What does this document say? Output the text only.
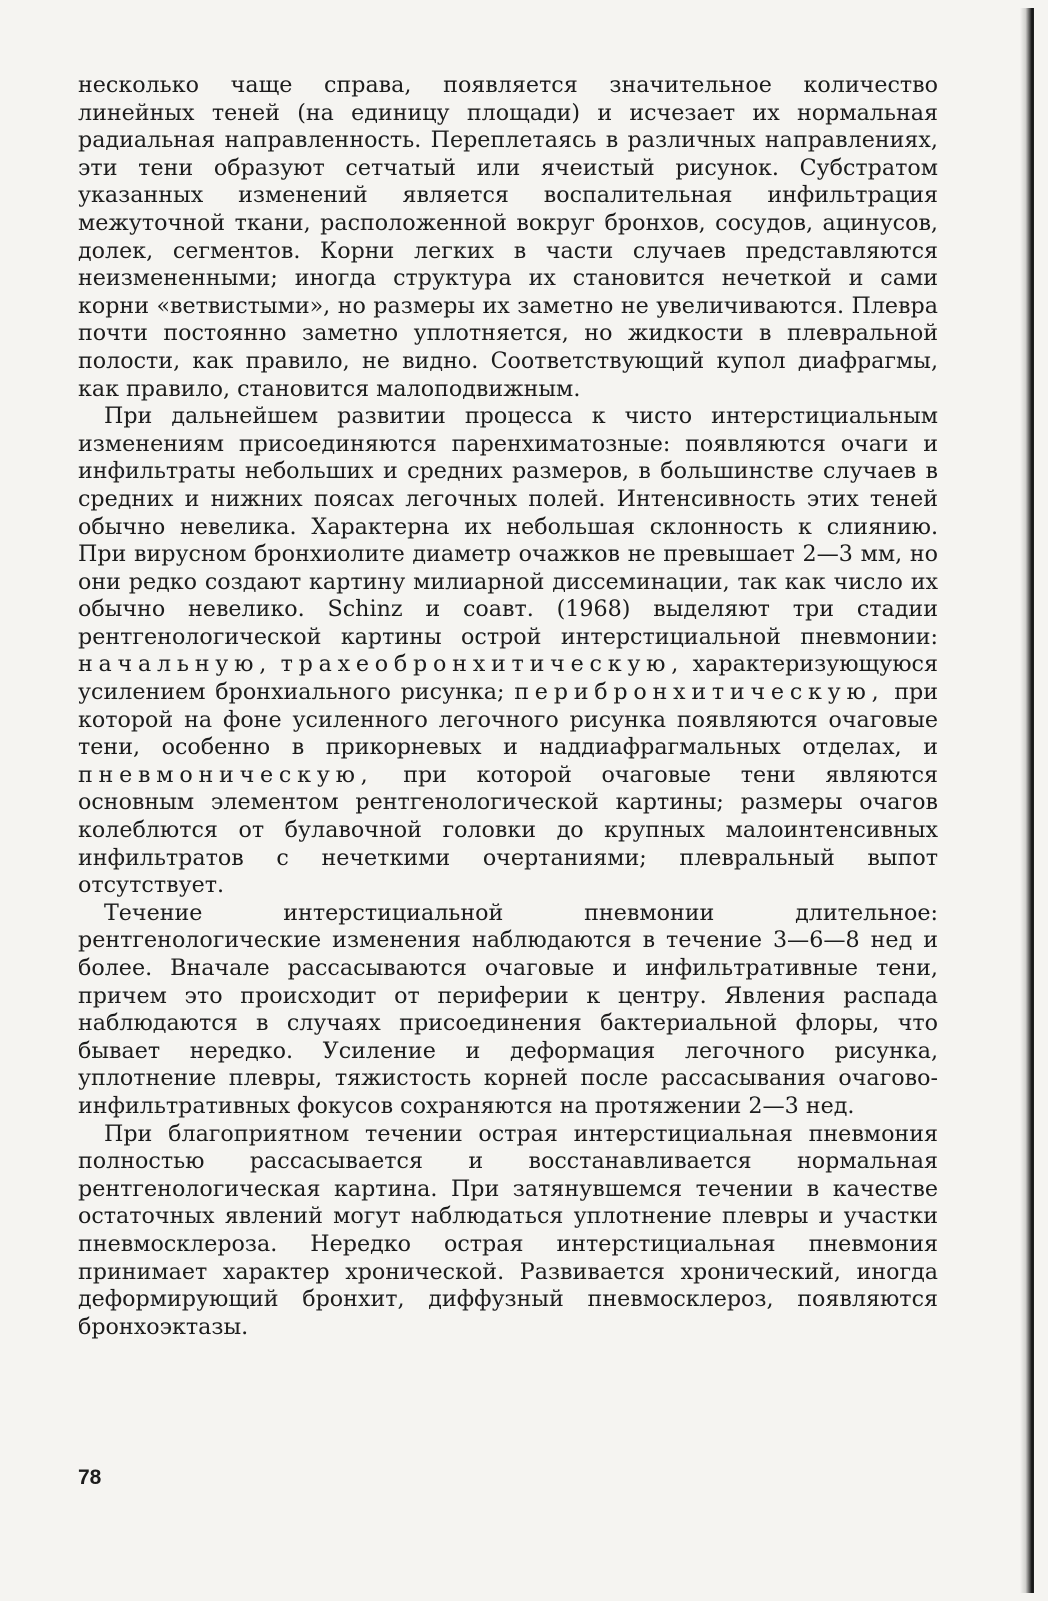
несколько чаще справа, появляется значительное количество линейных теней (на единицу площади) и исчезает их нормальная радиальная направленность. Переплетаясь в различных направлениях, эти тени образуют сетчатый или ячеистый рисунок. Субстратом указанных изменений является воспалительная инфильтрация межуточной ткани, расположенной вокруг бронхов, сосудов, ацинусов, долек, сегментов. Корни легких в части случаев представляются неизмененными; иногда структура их становится нечеткой и сами корни «ветвистыми», но размеры их заметно не увеличиваются. Плевра почти постоянно заметно уплотняется, но жидкости в плевральной полости, как правило, не видно. Соответствующий купол диафрагмы, как правило, становится малоподвижным.

При дальнейшем развитии процесса к чисто интерстициальным изменениям присоединяются паренхиматозные: появляются очаги и инфильтраты небольших и средних размеров, в большинстве случаев в средних и нижних поясах легочных полей. Интенсивность этих теней обычно невелика. Характерна их небольшая склонность к слиянию. При вирусном бронхиолите диаметр очажков не превышает 2—3 мм, но они редко создают картину милиарной диссеминации, так как число их обычно невелико. Schinz и соавт. (1968) выделяют три стадии рентгенологической картины острой интерстициальной пневмонии: начальную, трахеобронхитическую, характеризующуюся усилением бронхиального рисунка; перибронхитическую, при которой на фоне усиленного легочного рисунка появляются очаговые тени, особенно в прикорневых и наддиафрагмальных отделах, и пневмоническую, при которой очаговые тени являются основным элементом рентгенологической картины; размеры очагов колеблются от булавочной головки до крупных малоинтенсивных инфильтратов с нечеткими очертаниями; плевральный выпот отсутствует.

Течение интерстициальной пневмонии длительное: рентгенологические изменения наблюдаются в течение 3—6—8 нед и более. Вначале рассасываются очаговые и инфильтративные тени, причем это происходит от периферии к центру. Явления распада наблюдаются в случаях присоединения бактериальной флоры, что бывает нередко. Усиление и деформация легочного рисунка, уплотнение плевры, тяжистость корней после рассасывания очагово-инфильтративных фокусов сохраняются на протяжении 2—3 нед.

При благоприятном течении острая интерстициальная пневмония полностью рассасывается и восстанавливается нормальная рентгенологическая картина. При затянувшемся течении в качестве остаточных явлений могут наблюдаться уплотнение плевры и участки пневмосклероза. Нередко острая интерстициальная пневмония принимает характер хронической. Развивается хронический, иногда деформирующий бронхит, диффузный пневмосклероз, появляются бронхоэктазы.

78
